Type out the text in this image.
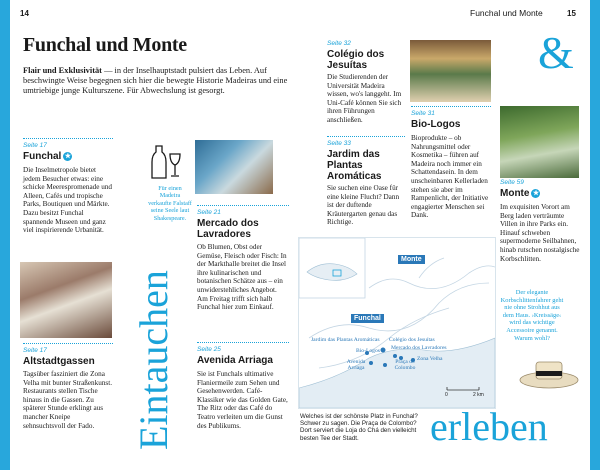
14	Funchal und Monte	15
Funchal und Monte
Flair und Exklusivität — in der Inselhauptstadt pulsiert das Leben. Auf beschwingte Weise begegnen sich hier die bewegte Historie Madeiras und eine umtriebige junge Kulturszene. Für Abwechslung ist gesorgt.
&
Seite 17
Funchal ★
Die Inselmetropole bietet jedem Besucher etwas: eine schicke Meerespromenade und Alleen, Cafés und tropische Parks, Boutiquen und Märkte. Dazu besitzt Funchal spannende Museen und ganz viel inspirierende Urbanität.
Für einen Madeira verkaufte Falstaff seine Seele laut Shakespeare.
Eintauchen
Seite 17
Altstadtgassen
Tagsüber fasziniert die Zona Velha mit bunter Straßenkunst. Restaurants stellen Tische hinaus in die Gassen. Zu späterer Stunde erklingt aus mancher Kneipe sehnsuchtsvoll der Fado.
Seite 21
Mercado dos Lavradores
Ob Blumen, Obst oder Gemüse, Fleisch oder Fisch: In der Markthalle breitet die Insel ihre kulinarischen und botanischen Schätze aus – ein unwiderstehliches Angebot. Am Freitag trifft sich halb Funchal hier zum Einkauf.
Seite 25
Avenida Arriaga
Sie ist Funchals ultimative Flaniermeile zum Sehen und Gesehenwerden. Café-Klassiker wie das Golden Gate, The Ritz oder das Café do Teatro verleiten um die Gunst des Publikums.
Seite 32
Colégio dos Jesuítas
Die Studierenden der Universität Madeira wissen, wo's langgeht. Im Uni-Café können Sie sich ihren Führungen anschließen.
Seite 33
Jardim das Plantas Aromáticas
Sie suchen eine Oase für eine kleine Flucht? Dann ist der duftende Kräutergarten genau das Richtige.
Seite 31
Bio-Logos
Bioprodukte – ob Nahrungsmittel oder Kosmetika – führen auf Madeira noch immer ein Schattendasein. In dem unscheinbaren Kellerladen stehen sie aber im Rampenlicht, der Initiative engagierter Menschen sei Dank.
Seite 59
Monte ★
Im exquisiten Vorort am Berg laden verträumte Villen in ihre Parks ein. Hinauf schweben supermoderne Seilbahnen, hinab rutschen nostalgische Korbschlitten.
Der elegante Korbschlittenfahrer geht nie ohne Strohhut aus dem Haus. ›Kreissäge‹ wird das wichtige Accessoire genannt. Warum wohl?
Monte
Funchal
Jardim das Plantas Aromáticas Colégio dos Jesuítas
Mercado dos Lavradores
Bio-Logos
Avenida Arriaga
Praça do Colombo
Zona Velha
0	2 km
Welches ist der schönste Platz in Funchal? Schwer zu sagen. Die Praça de Colombo? Dort serviert die Loja do Chá den vielleicht besten Tee der Stadt.	erleben
